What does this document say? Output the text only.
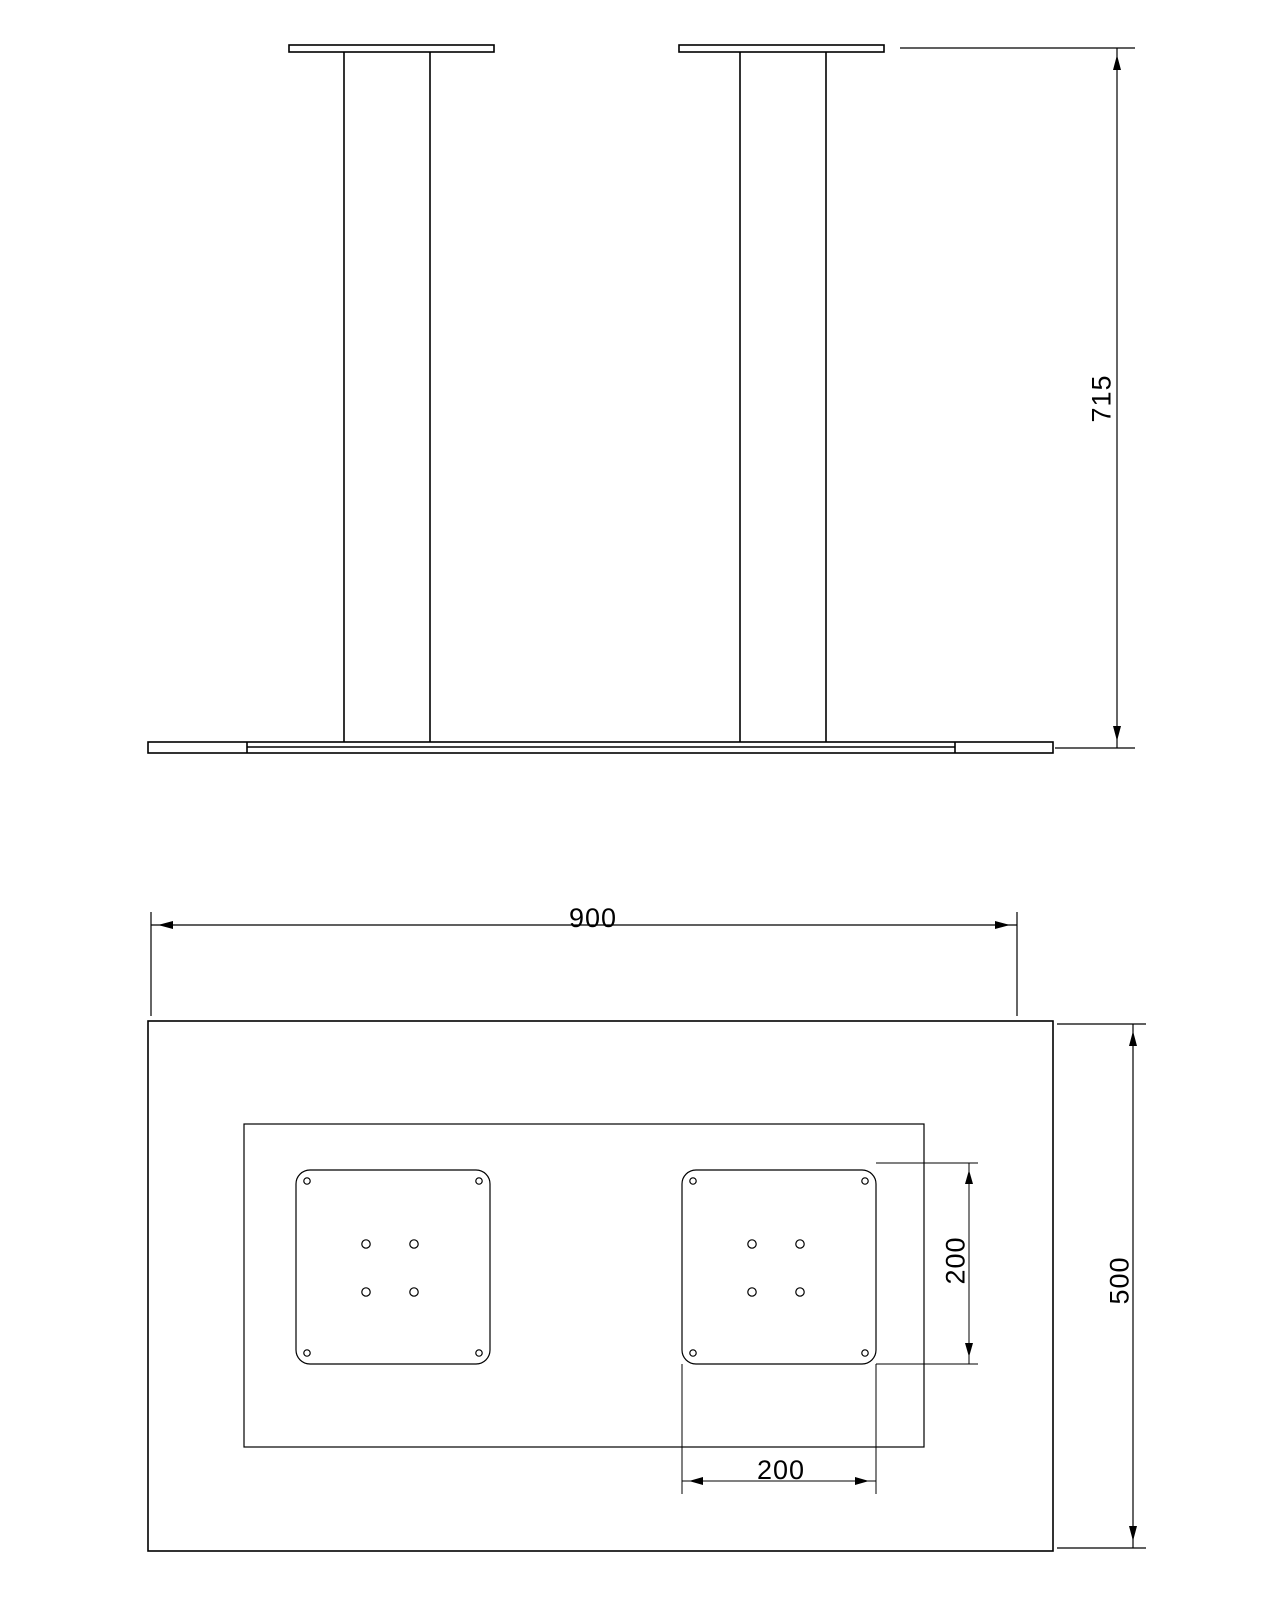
715
900
500
200
200
